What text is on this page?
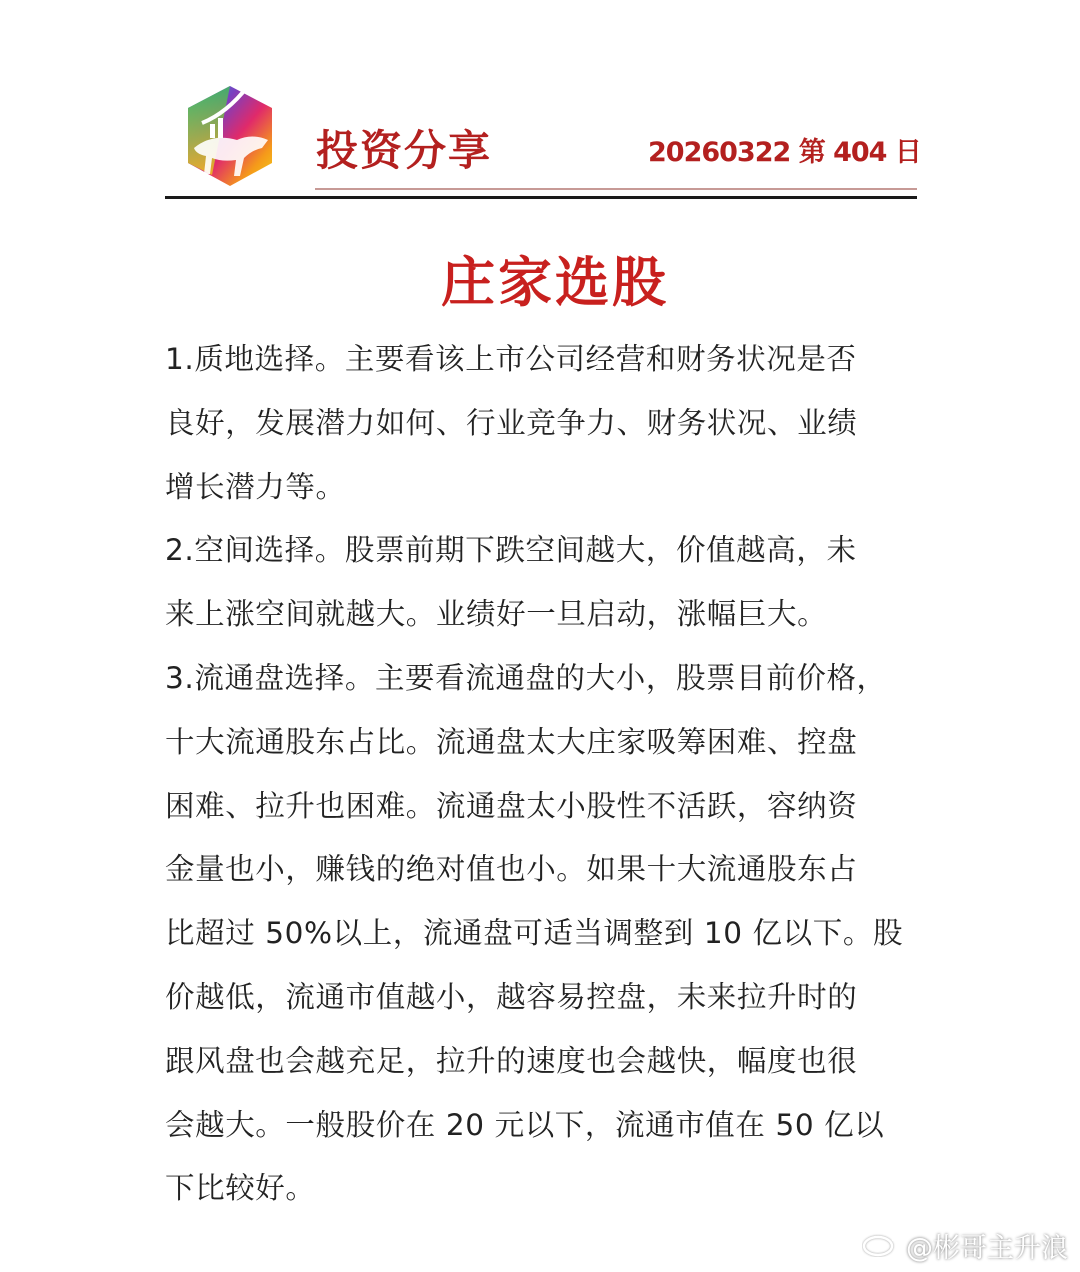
投资分享	20260322 第 404 日
庄家选股
1.质地选择。主要看该上市公司经营和财务状况是否
良好，发展潜力如何、行业竞争力、财务状况、业绩
增长潜力等。
2.空间选择。股票前期下跌空间越大，价值越高，未
来上涨空间就越大。业绩好一旦启动，涨幅巨大。
3.流通盘选择。主要看流通盘的大小，股票目前价格，
十大流通股东占比。流通盘太大庄家吸筹困难、控盘
困难、拉升也困难。流通盘太小股性不活跃，容纳资
金量也小，赚钱的绝对值也小。如果十大流通股东占
比超过 50%以上，流通盘可适当调整到 10 亿以下。股
价越低，流通市值越小，越容易控盘，未来拉升时的
跟风盘也会越充足，拉升的速度也会越快，幅度也很
会越大。一般股价在 20 元以下，流通市值在 50 亿以
下比较好。
@彬哥主升浪
